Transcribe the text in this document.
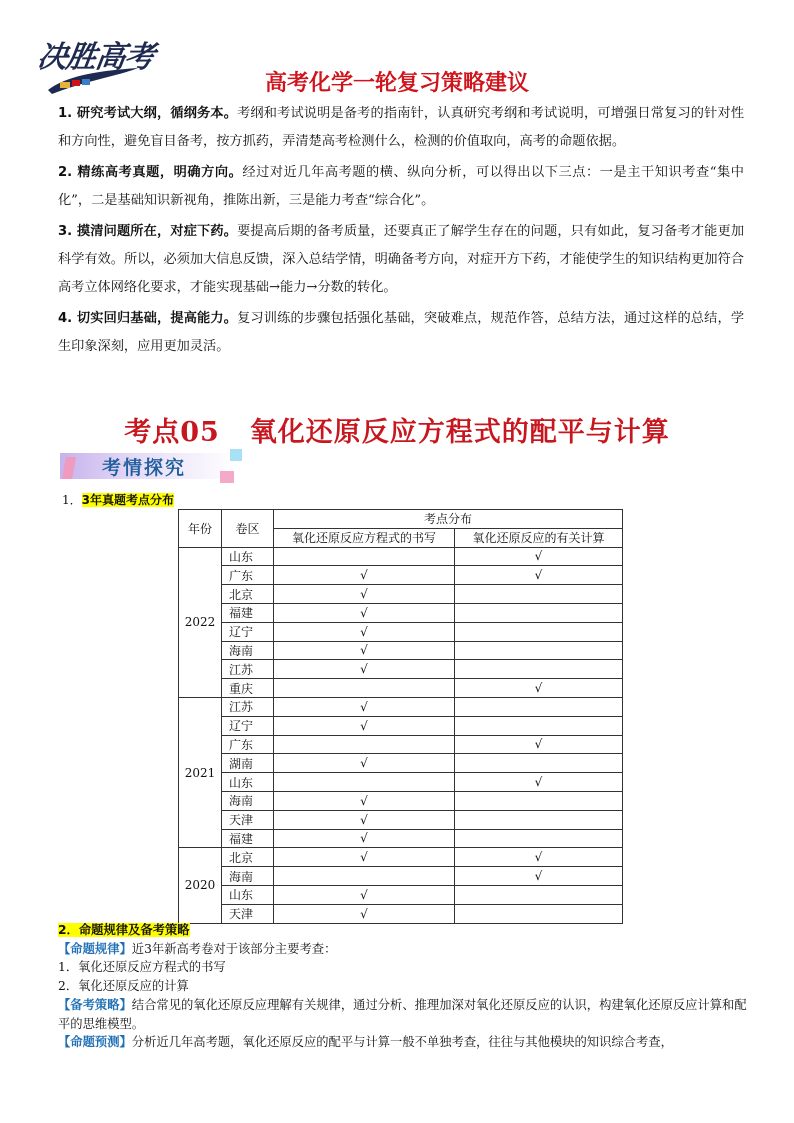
决胜高考
高考化学一轮复习策略建议

1. 研究考试大纲，循纲务本。考纲和考试说明是备考的指南针，认真研究考纲和考试说明，可增强日常复习的针对性和方向性，避免盲目备考，按方抓药，弄清楚高考检测什么，检测的价值取向，高考的命题依据。

2. 精练高考真题，明确方向。经过对近几年高考题的横、纵向分析，可以得出以下三点：一是主干知识考查“集中化”，二是基础知识新视角，推陈出新，三是能力考查“综合化”。

3. 摸清问题所在，对症下药。要提高后期的备考质量，还要真正了解学生存在的问题，只有如此，复习备考才能更加科学有效。所以，必须加大信息反馈，深入总结学情，明确备考方向，对症开方下药，才能使学生的知识结构更加符合高考立体网络化要求，才能实现基础→能力→分数的转化。

4. 切实回归基础，提高能力。复习训练的步骤包括强化基础，突破难点，规范作答，总结方法，通过这样的总结，学生印象深刻，应用更加灵活。

考点05 氧化还原反应方程式的配平与计算
考情探究
1．3年真题考点分布
年份	卷区	考点分布	
		氧化还原反应方程式的书写	氧化还原反应的有关计算
2022	山东		√
	广东	√	√
	北京	√	
	福建	√	
	辽宁	√	
	海南	√	
	江苏	√	
	重庆		√
2021	江苏	√	
	辽宁	√	
	广东		√
	湖南	√	
	山东		√
	海南	√	
	天津	√	
	福建	√	
2020	北京	√	√
	海南		√
	山东	√	
	天津	√	

2．命题规律及备考策略

【命题规律】近3年新高考卷对于该部分主要考查：

1．氧化还原反应方程式的书写

2．氧化还原反应的计算

【备考策略】结合常见的氧化还原反应理解有关规律，通过分析、推理加深对氧化还原反应的认识，构建氧化还原反应计算和配平的思维模型。

【命题预测】分析近几年高考题，氧化还原反应的配平与计算一般不单独考查，往往与其他模块的知识综合考查，
